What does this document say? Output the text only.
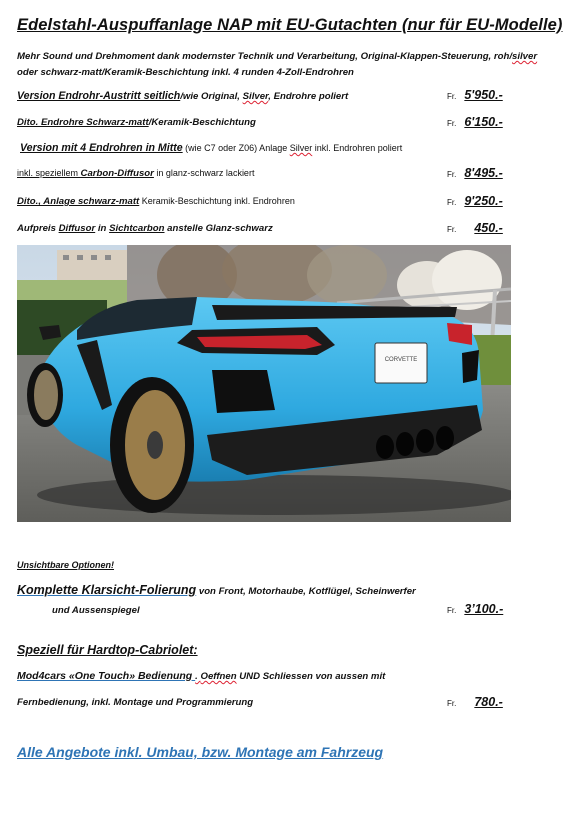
Edelstahl-Auspuffanlage NAP mit EU-Gutachten (nur für EU-Modelle)
Mehr Sound und Drehmoment dank modernster Technik und Verarbeitung, Original-Klappen-Steuerung, roh/silver
oder schwarz-matt/Keramik-Beschichtung inkl. 4 runden 4-Zoll-Endrohren
Version Endrohr-Austritt seitlich/wie Original, Silver, Endrohre poliert	Fr. 5'950.-
Dito. Endrohre Schwarz-matt/Keramik-Beschichtung	Fr. 6'150.-
Version mit 4 Endrohren in Mitte (wie C7 oder Z06) Anlage Silver inkl. Endrohren poliert
inkl. speziellem Carbon-Diffusor in glanz-schwarz lackiert	Fr. 8'495.-
Dito., Anlage schwarz-matt Keramik-Beschichtung inkl. Endrohren	Fr. 9'250.-
Aufpreis Diffusor in Sichtcarbon anstelle Glanz-schwarz	Fr. 450.-
CORVETTE
Unsichtbare Optionen!
Komplette Klarsicht-Folierung von Front, Motorhaube, Kotflügel, Scheinwerfer
und Aussenspiegel	Fr. 3’100.-
Speziell für Hardtop-Cabriolet:
Mod4cars «One Touch» Bedienung . Oeffnen UND Schliessen von aussen mit
Fernbedienung, inkl. Montage und Programmierung	Fr. 780.-
Alle Angebote inkl. Umbau, bzw. Montage am Fahrzeug
